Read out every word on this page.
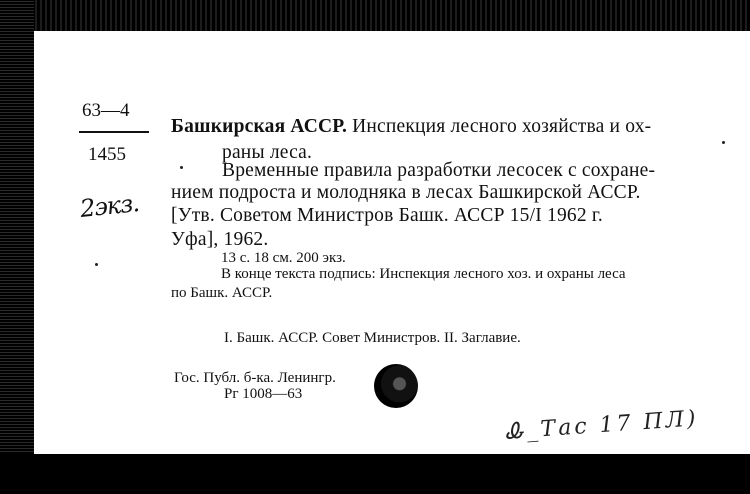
63—4
1455
2экз.
Башкирская АССР. Инспекция лесного хозяйства и ох-
раны леса.
Временные правила разработки лесосек с сохране-
нием подроста и молодняка в лесах Башкирской АССР.
[Утв. Советом Министров Башк. АССР 15/I 1962 г.
Уфа], 1962.
13 с. 18 см. 200 экз.
В конце текста подпись: Инспекция лесного хоз. и охраны леса
по Башк. АССР.
I. Башк. АССР. Совет Министров. II. Заглавие.
Гос. Публ. б-ка. Ленингр.
Рг 1008—63
Ꮂ_Тас 17 ПЛ)
